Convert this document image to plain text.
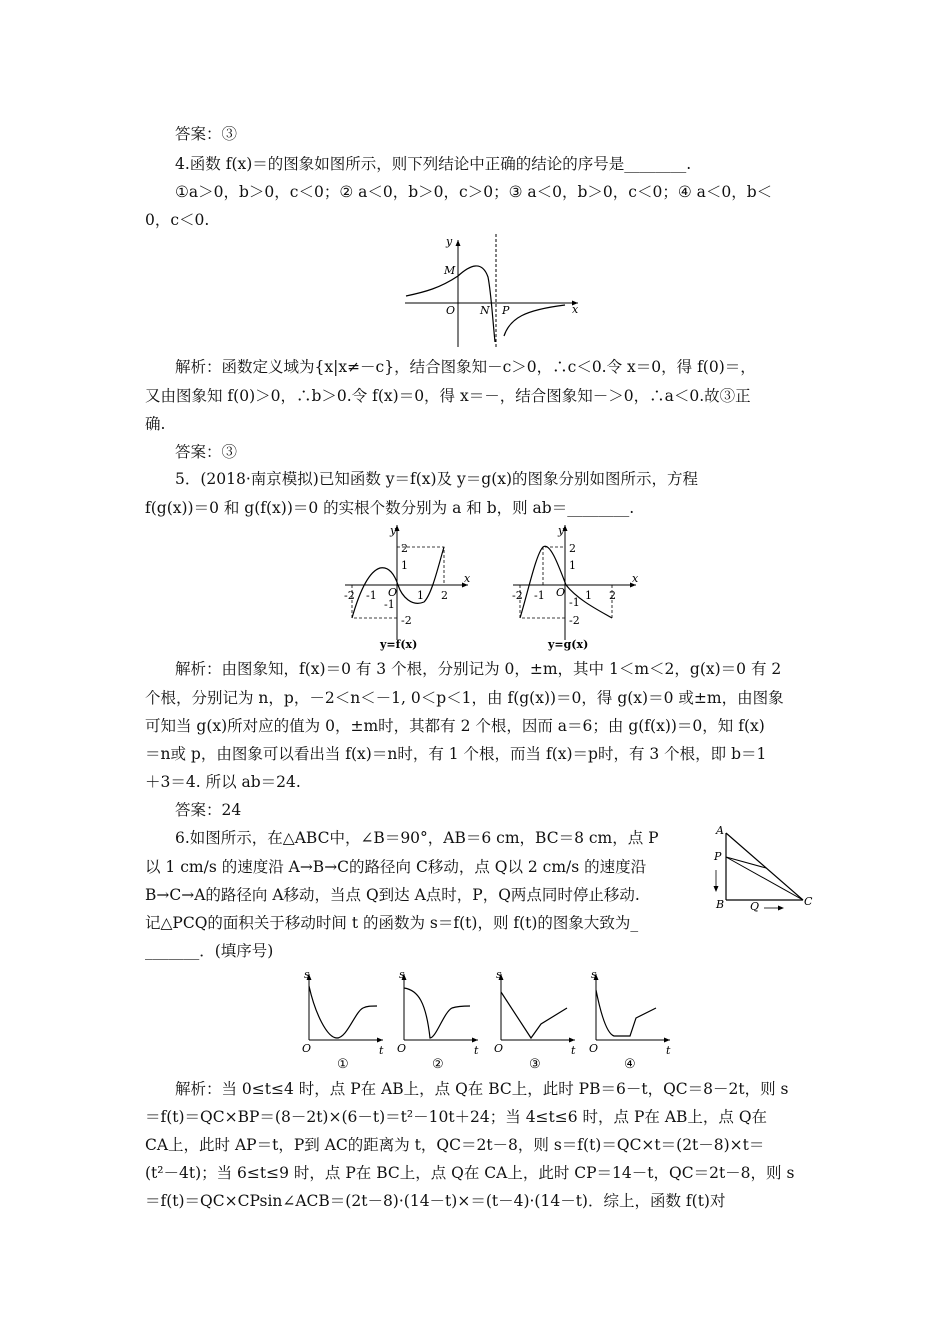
答案：③
4.函数 f(x)＝的图象如图所示，则下列结论中正确的结论的序号是________.
①a＞0，b＞0，c＜0；② a＜0，b＞0，c＞0；③ a＜0，b＞0，c＜0；④ a＜0，b＜
0，c＜0.
y
x
M
O N P
解析：函数定义域为{x|x≠－c}，结合图象知－c＞0，∴c＜0.令 x＝0，得 f(0)＝，
又由图象知 f(0)＞0，∴b＞0.令 f(x)＝0，得 x＝－，结合图象知－＞0，∴a＜0.故③正
确.
答案：③
5．(2018·南京模拟)已知函数 y＝f(x)及 y＝g(x)的图象分别如图所示，方程
f(g(x))＝0 和 g(f(x))＝0 的实根个数分别为 a 和 b，则 ab＝________.
y
x
-2 -1 O 1 2
2
1
-1
-2
y=f(x)
y
x
-2 -1 O 1 2
2
1
-1
-2
y=g(x)
解析：由图象知，f(x)＝0 有 3 个根，分别记为 0，±m，其中 1＜m＜2，g(x)＝0 有 2
个根，分别记为 n，p，－2＜n＜－1, 0＜p＜1，由 f(g(x))＝0，得 g(x)＝0 或±m，由图象
可知当 g(x)所对应的值为 0，±m时，其都有 2 个根，因而 a＝6；由 g(f(x))＝0，知 f(x)
＝n或 p，由图象可以看出当 f(x)＝n时，有 1 个根，而当 f(x)＝p时，有 3 个根，即 b＝1
＋3＝4. 所以 ab＝24.
答案：24
6.如图所示，在△ABC中，∠B＝90°，AB＝6 cm，BC＝8 cm，点 P
以 1 cm/s 的速度沿 A→B→C的路径向 C移动，点 Q以 2 cm/s 的速度沿
B→C→A的路径向 A移动，当点 Q到达 A点时，P，Q两点同时停止移动.
记△PCQ的面积关于移动时间 t 的函数为 s＝f(t)，则 f(t)的图象大致为_
_______．(填序号)
A
P
B Q	C
s
t
O
①
s
t
O
②
s
t
O
③
s
t
O
④
解析：当 0≤t≤4 时，点 P在 AB上，点 Q在 BC上，此时 PB＝6－t，QC＝8－2t，则 s
＝f(t)＝QC×BP＝(8－2t)×(6－t)＝t²－10t＋24；当 4≤t≤6 时，点 P在 AB上，点 Q在
CA上，此时 AP＝t，P到 AC的距离为 t，QC＝2t－8，则 s＝f(t)＝QC×t＝(2t－8)×t＝
(t²－4t)；当 6≤t≤9 时，点 P在 BC上，点 Q在 CA上，此时 CP＝14－t，QC＝2t－8，则 s
＝f(t)＝QC×CPsin∠ACB＝(2t－8)·(14－t)×＝(t－4)·(14－t)．综上，函数 f(t)对
